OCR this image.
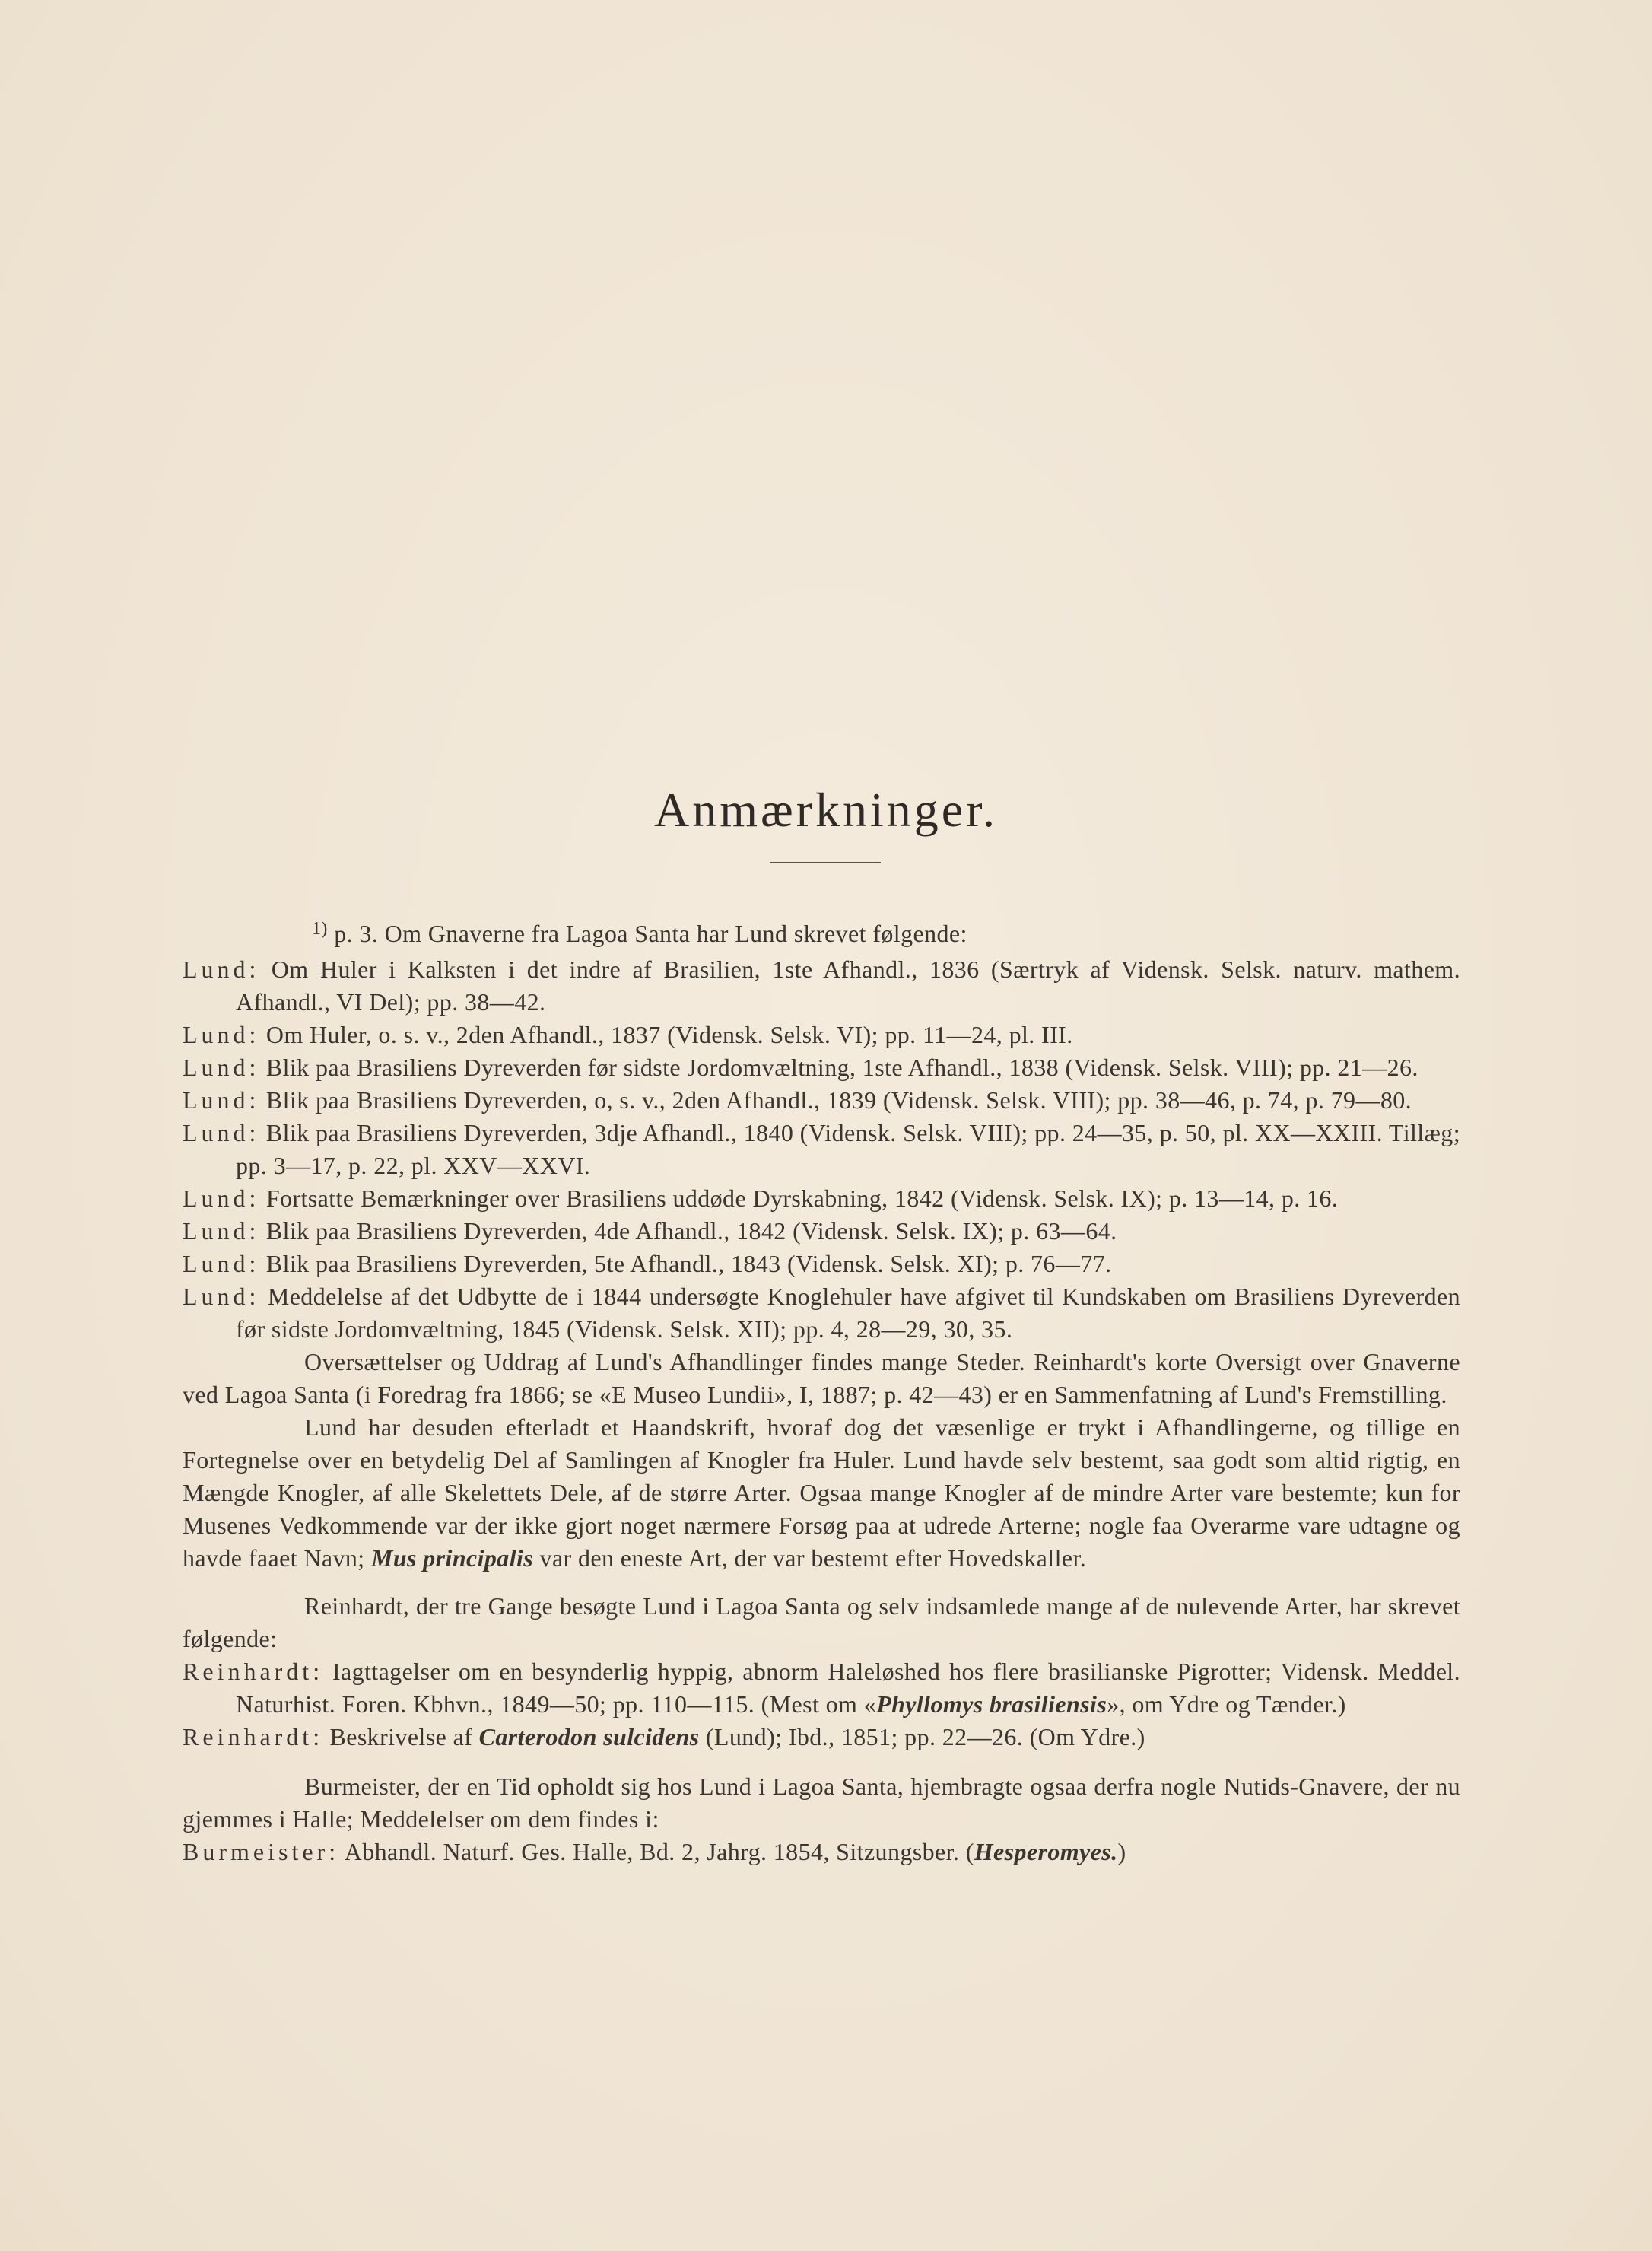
Anmærkninger.
$^{1)}$ p. 3. Om Gnaverne fra Lagoa Santa har Lund skrevet følgende:
Lund: Om Huler i Kalksten i det indre af Brasilien, 1ste Afhandl., 1836 (Særtryk af Vidensk. Selsk. naturv. mathem. Afhandl., VI Del); pp. 38—42.
Lund: Om Huler, o. s. v., 2den Afhandl., 1837 (Vidensk. Selsk. VI); pp. 11—24, pl. III.
Lund: Blik paa Brasiliens Dyreverden før sidste Jordomvæltning, 1ste Afhandl., 1838 (Vidensk. Selsk. VIII); pp. 21—26.
Lund: Blik paa Brasiliens Dyreverden, o, s. v., 2den Afhandl., 1839 (Vidensk. Selsk. VIII); pp. 38—46, p. 74, p. 79—80.
Lund: Blik paa Brasiliens Dyreverden, 3dje Afhandl., 1840 (Vidensk. Selsk. VIII); pp. 24—35, p. 50, pl. XX—XXIII. Tillæg; pp. 3—17, p. 22, pl. XXV—XXVI.
Lund: Fortsatte Bemærkninger over Brasiliens uddøde Dyrskabning, 1842 (Vidensk. Selsk. IX); p. 13—14, p. 16.
Lund: Blik paa Brasiliens Dyreverden, 4de Afhandl., 1842 (Vidensk. Selsk. IX); p. 63—64.
Lund: Blik paa Brasiliens Dyreverden, 5te Afhandl., 1843 (Vidensk. Selsk. XI); p. 76—77.
Lund: Meddelelse af det Udbytte de i 1844 undersøgte Knoglehuler have afgivet til Kundskaben om Brasiliens Dyreverden før sidste Jordomvæltning, 1845 (Vidensk. Selsk. XII); pp. 4, 28—29, 30, 35.

Oversættelser og Uddrag af Lund's Afhandlinger findes mange Steder. Reinhardt's korte Oversigt over Gnaverne ved Lagoa Santa (i Foredrag fra 1866; se «E Museo Lundii», I, 1887; p. 42—43) er en Sammenfatning af Lund's Fremstilling.

Lund har desuden efterladt et Haandskrift, hvoraf dog det væsenlige er trykt i Afhandlingerne, og tillige en Fortegnelse over en betydelig Del af Samlingen af Knogler fra Huler. Lund havde selv bestemt, saa godt som altid rigtig, en Mængde Knogler, af alle Skelettets Dele, af de større Arter. Ogsaa mange Knogler af de mindre Arter vare bestemte; kun for Musenes Vedkommende var der ikke gjort noget nærmere Forsøg paa at udrede Arterne; nogle faa Overarme vare udtagne og havde faaet Navn; Mus principalis var den eneste Art, der var bestemt efter Hovedskaller.

Reinhardt, der tre Gange besøgte Lund i Lagoa Santa og selv indsamlede mange af de nulevende Arter, har skrevet følgende:

Reinhardt: Iagttagelser om en besynderlig hyppig, abnorm Haleløshed hos flere brasilianske Pigrotter; Vidensk. Meddel. Naturhist. Foren. Kbhvn., 1849—50; pp. 110—115. (Mest om «Phyllomys brasiliensis», om Ydre og Tænder.)
Reinhardt: Beskrivelse af Carterodon sulcidens (Lund); Ibd., 1851; pp. 22—26. (Om Ydre.)

Burmeister, der en Tid opholdt sig hos Lund i Lagoa Santa, hjembragte ogsaa derfra nogle Nutids-Gnavere, der nu gjemmes i Halle; Meddelelser om dem findes i:

Burmeister: Abhandl. Naturf. Ges. Halle, Bd. 2, Jahrg. 1854, Sitzungsber. (Hesperomyes.)
